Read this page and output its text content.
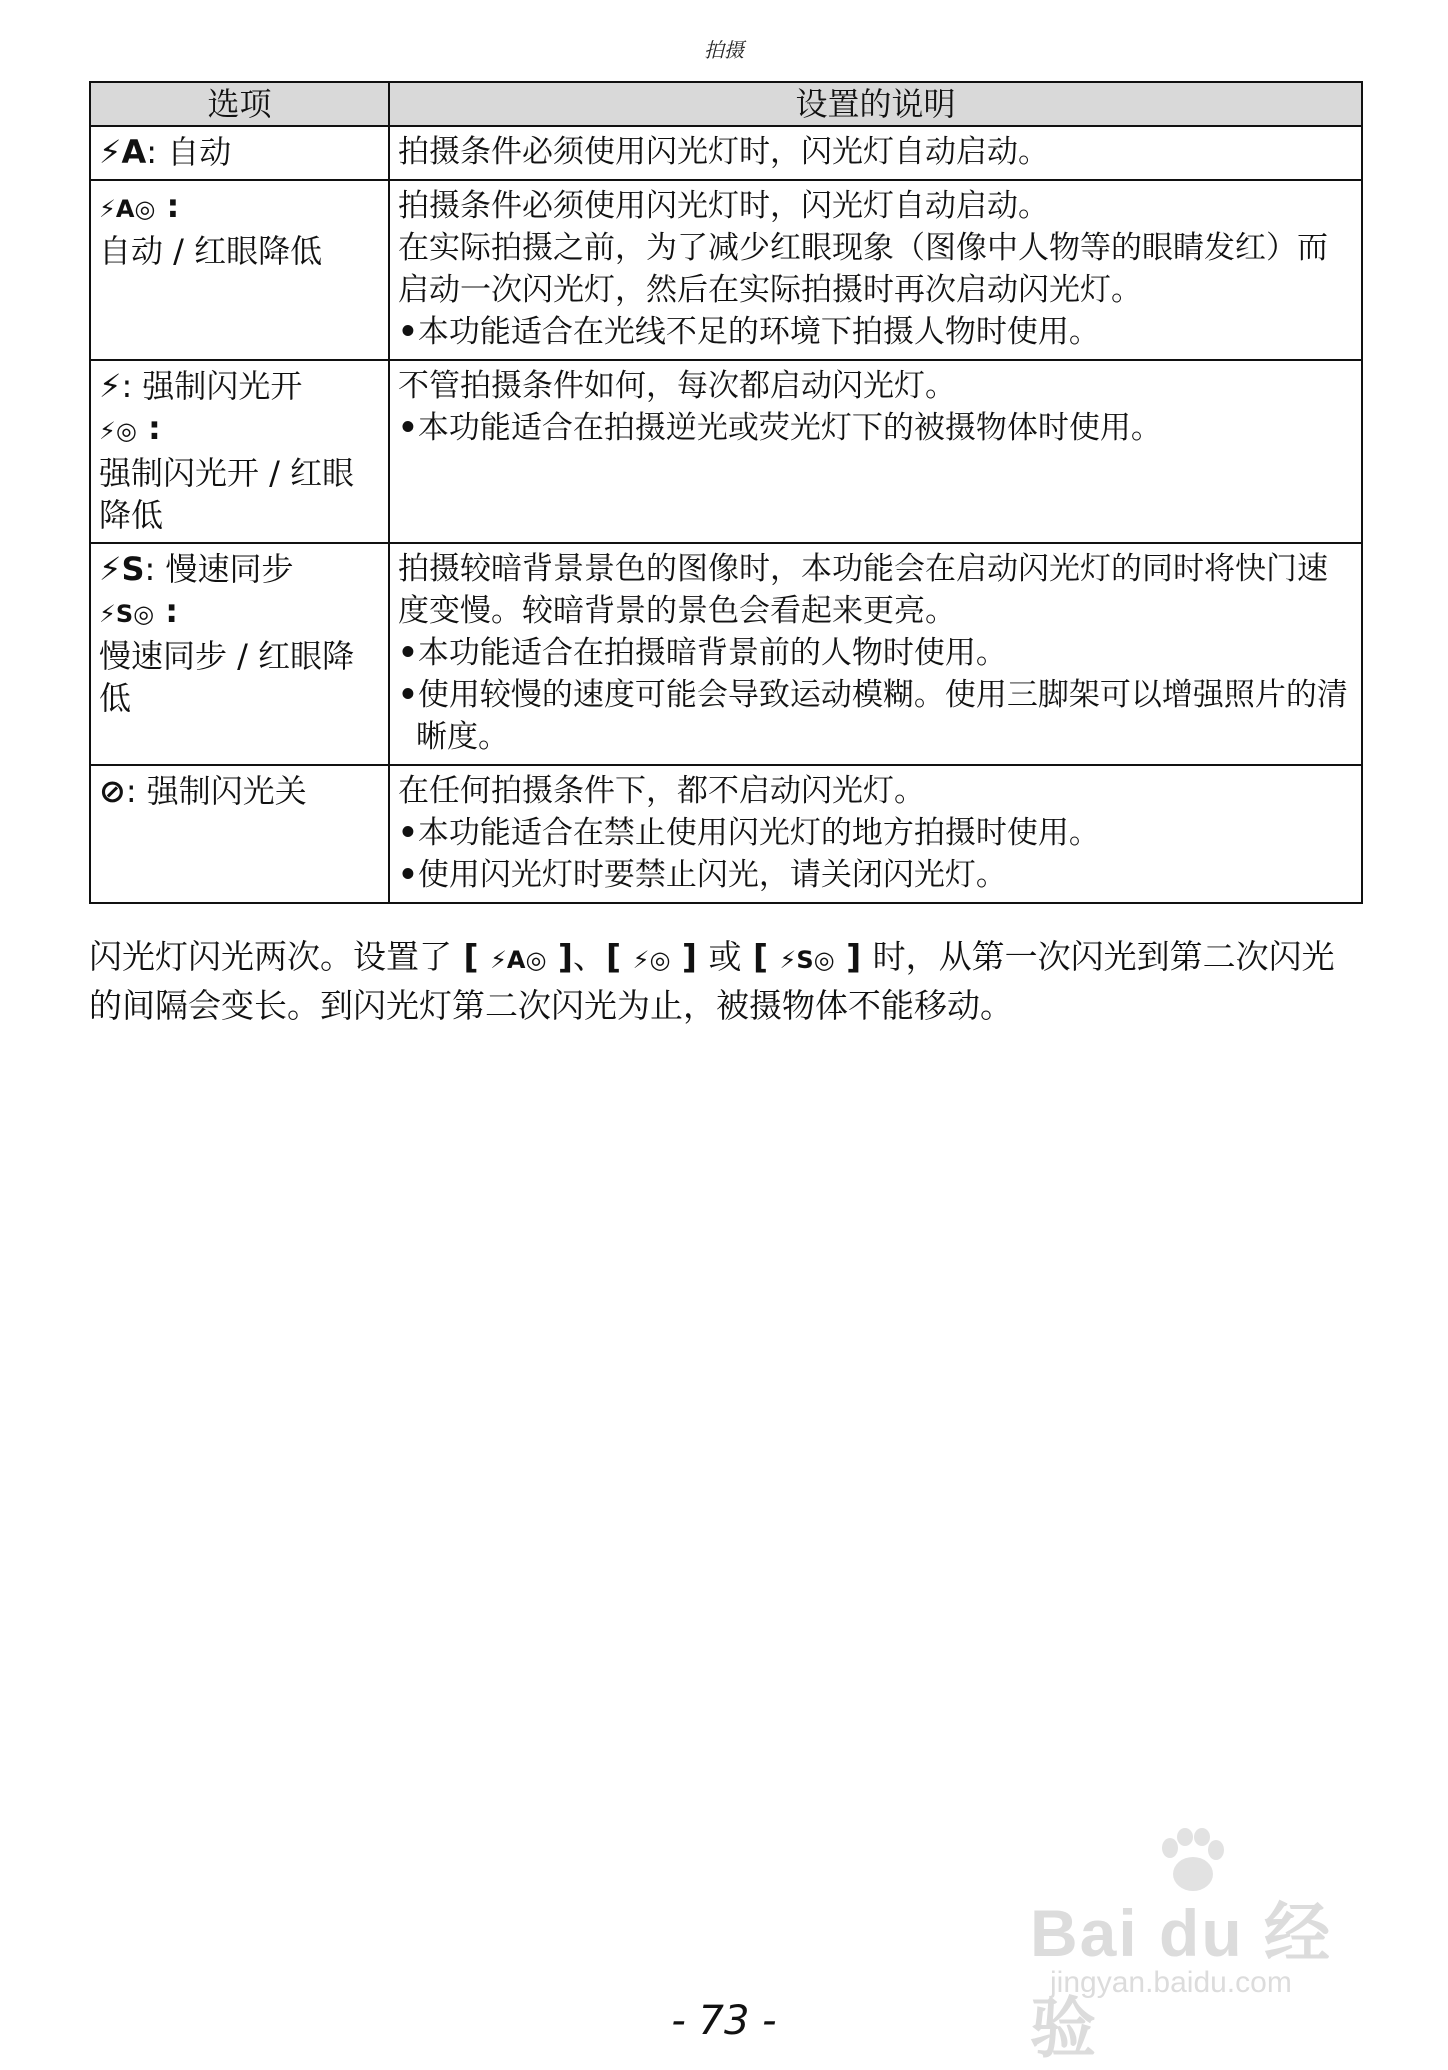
拍摄
选项	设置的说明

⚡A: 自动	拍摄条件必须使用闪光灯时，闪光灯自动启动。

⚡A◎ :
自动 / 红眼降低	拍摄条件必须使用闪光灯时，闪光灯自动启动。
在实际拍摄之前，为了减少红眼现象（图像中人物等的眼睛发红）而启动一次闪光灯，然后在实际拍摄时再次启动闪光灯。
•本功能适合在光线不足的环境下拍摄人物时使用。

⚡: 强制闪光开
⚡◎ :
强制闪光开 / 红眼降低	不管拍摄条件如何，每次都启动闪光灯。
•本功能适合在拍摄逆光或荧光灯下的被摄物体时使用。

⚡S: 慢速同步
⚡S◎ :
慢速同步 / 红眼降低	拍摄较暗背景景色的图像时，本功能会在启动闪光灯的同时将快门速度变慢。较暗背景的景色会看起来更亮。
•本功能适合在拍摄暗背景前的人物时使用。
•使用较慢的速度可能会导致运动模糊。使用三脚架可以增强照片的清晰度。

⊘: 强制闪光关	在任何拍摄条件下，都不启动闪光灯。
•本功能适合在禁止使用闪光灯的地方拍摄时使用。
•使用闪光灯时要禁止闪光，请关闭闪光灯。
闪光灯闪光两次。设置了 [ ⚡A◎ ]、[ ⚡◎ ] 或 [ ⚡S◎ ] 时，从第一次闪光到第二次闪光的间隔会变长。到闪光灯第二次闪光为止，被摄物体不能移动。
Bai du 经验
jingyan.baidu.com
- 73 -
